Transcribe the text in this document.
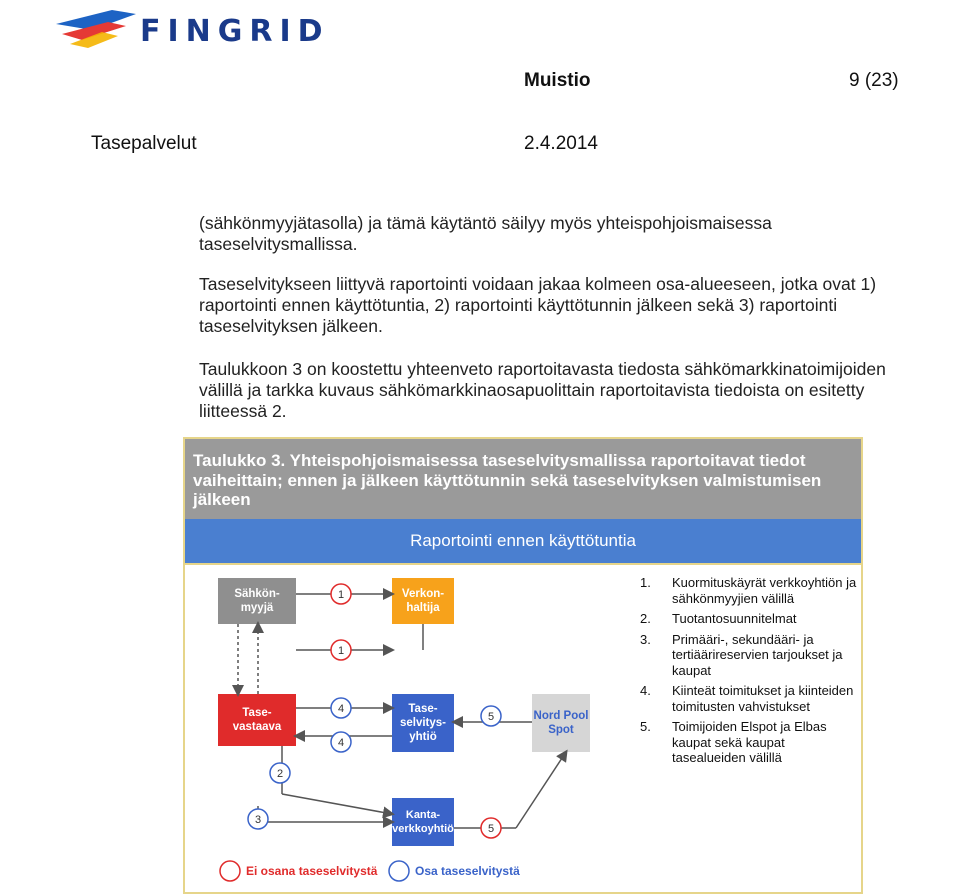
FINGRID
Muistio	9 (23)
Tasepalvelut	2.4.2014
(sähkönmyyjätasolla) ja tämä käytäntö säilyy myös yhteispohjoismaisessa taseselvitysmallissa.
Taseselvitykseen liittyvä raportointi voidaan jakaa kolmeen osa-alueeseen, jotka ovat 1) raportointi ennen käyttötuntia, 2) raportointi käyttötunnin jälkeen sekä 3) raportointi taseselvityksen jälkeen.
Taulukkoon 3 on koostettu yhteenveto raportoitavasta tiedosta sähkömarkkinatoimijoiden välillä ja tarkka kuvaus sähkömarkkinaosapuolittain raportoitavista tiedoista on esitetty liitteessä 2.
Taulukko 3. Yhteispohjoismaisessa taseselvitysmallissa raportoitavat tiedot vaiheittain; ennen ja jälkeen käyttötunnin sekä taseselvityksen valmistumisen jälkeen
Raportointi ennen käyttötuntia
1
1
4
4
5
2
3
5
Ei osana taseselvitystä	Osa taseselvitystä
Sähkön-
myyjä
Verkon-
haltija
Tase-
vastaava
Tase-
selvitys-
yhtiö
Nord Pool
Spot
Kanta-
verkkoyhtiö
1.	Kuormituskäyrät verkkoyhtiön ja sähkönmyyjien välillä
2.	Tuotantosuunnitelmat
3.	Primääri-, sekundääri- ja tertiäärireservien tarjoukset ja kaupat
4.	Kiinteät toimitukset ja kiinteiden toimitusten vahvistukset
5.	Toimijoiden Elspot ja Elbas kaupat sekä kaupat tasealueiden välillä
